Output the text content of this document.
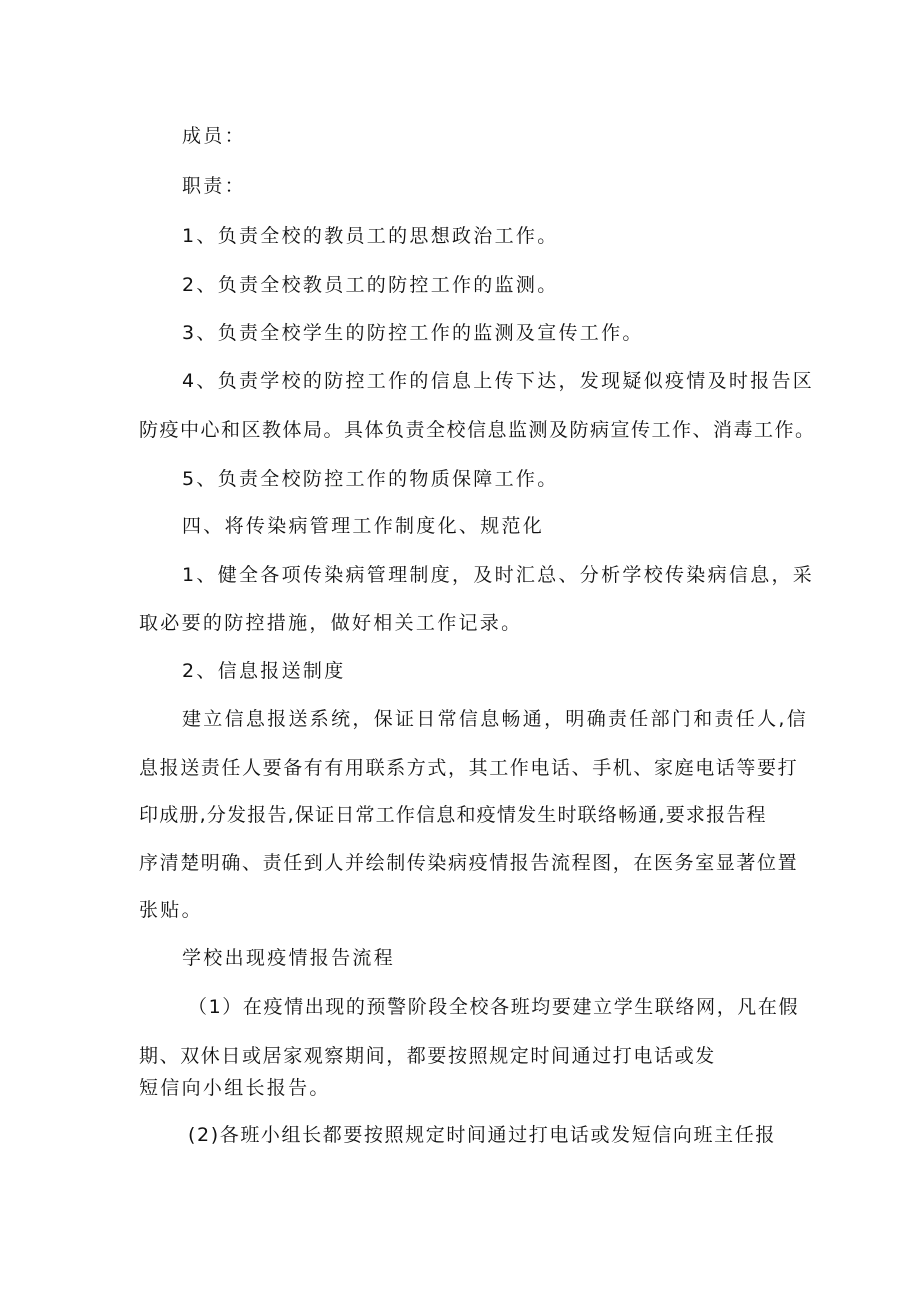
成员：
职责：
1、负责全校的教员工的思想政治工作。
2、负责全校教员工的防控工作的监测。
3、负责全校学生的防控工作的监测及宣传工作。
4、负责学校的防控工作的信息上传下达，发现疑似疫情及时报告区
防疫中心和区教体局。具体负责全校信息监测及防病宣传工作、消毒工作。
5、负责全校防控工作的物质保障工作。
四、将传染病管理工作制度化、规范化
1、健全各项传染病管理制度，及时汇总、分析学校传染病信息，采
取必要的防控措施，做好相关工作记录。
2、信息报送制度
建立信息报送系统，保证日常信息畅通，明确责任部门和责任人,信
息报送责任人要备有有用联系方式，其工作电话、手机、家庭电话等要打
印成册,分发报告,保证日常工作信息和疫情发生时联络畅通,要求报告程
序清楚明确、责任到人并绘制传染病疫情报告流程图，在医务室显著位置
张贴。
学校出现疫情报告流程
（1）在疫情出现的预警阶段全校各班均要建立学生联络网，凡在假
期、双休日或居家观察期间，都要按照规定时间通过打电话或发
短信向小组长报告。
(2)各班小组长都要按照规定时间通过打电话或发短信向班主任报
